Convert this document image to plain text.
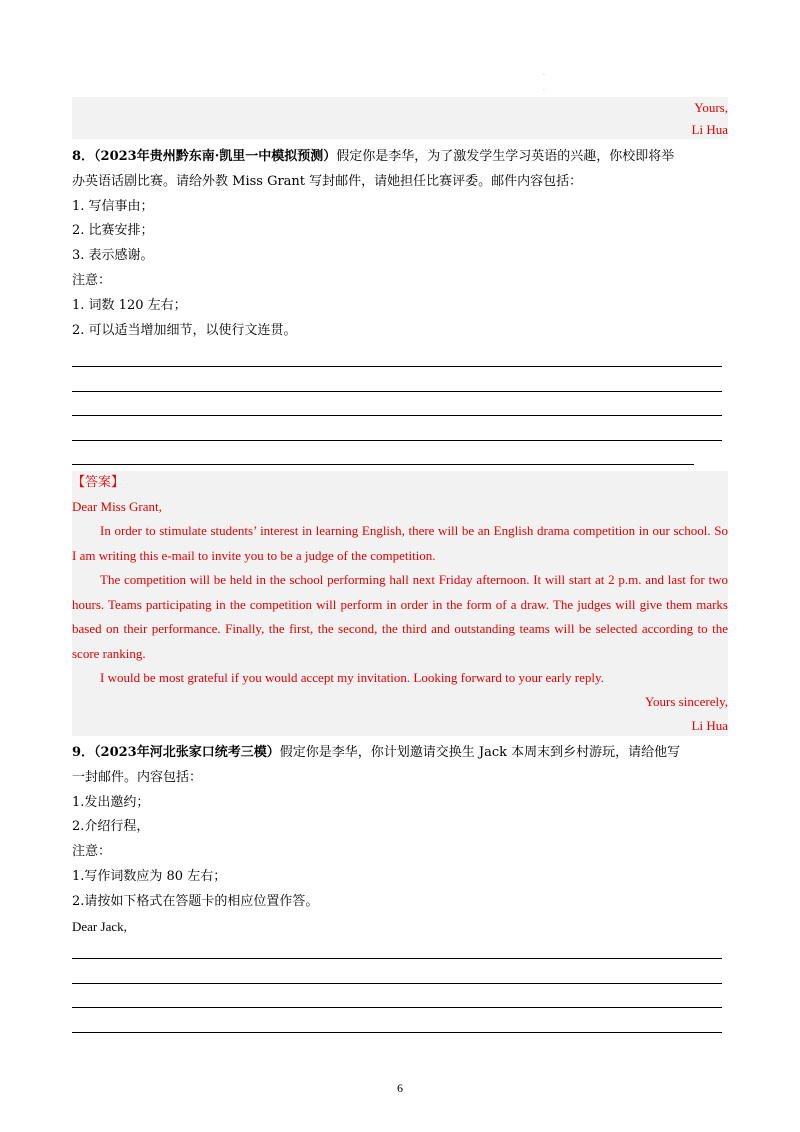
·
·
Yours,
Li Hua
8．（2023年贵州黔东南·凯里一中模拟预测）假定你是李华，为了激发学生学习英语的兴趣，你校即将举
办英语话剧比赛。请给外教 Miss Grant 写封邮件，请她担任比赛评委。邮件内容包括：
1. 写信事由；
2. 比赛安排；
3. 表示感谢。
注意：
1. 词数 120 左右；
2. 可以适当增加细节，以使行文连贯。

【答案】

Dear Miss Grant,

In order to stimulate students’ interest in learning English, there will be an English drama competition in our school. So I am writing this e-mail to invite you to be a judge of the competition.

The competition will be held in the school performing hall next Friday afternoon. It will start at 2 p.m. and last for two hours. Teams participating in the competition will perform in order in the form of a draw. The judges will give them marks based on their performance. Finally, the first, the second, the third and outstanding teams will be selected according to the score ranking.

I would be most grateful if you would accept my invitation. Looking forward to your early reply.

Yours sincerely,
Li Hua
9．（2023年河北张家口统考三模）假定你是李华，你计划邀请交换生 Jack 本周末到乡村游玩，请给他写
一封邮件。内容包括：
1.发出邀约；
2.介绍行程，
注意：
1.写作词数应为 80 左右；
2.请按如下格式在答题卡的相应位置作答。
Dear Jack,
6
